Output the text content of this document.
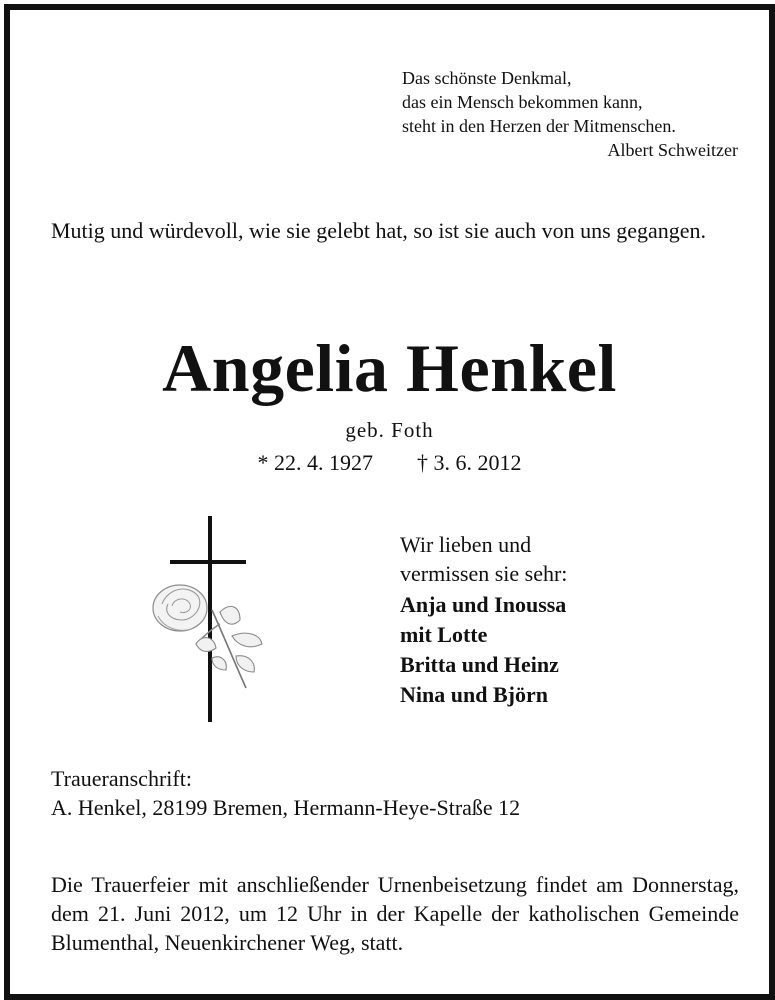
Das schönste Denkmal,
das ein Mensch bekommen kann,
steht in den Herzen der Mitmenschen.
Albert Schweitzer
Mutig und würdevoll, wie sie gelebt hat, so ist sie auch von uns gegangen.
Angelia Henkel
geb. Foth
* 22. 4. 1927 † 3. 6. 2012
Wir lieben und
vermissen sie sehr:
Anja und Inoussa
mit Lotte
Britta und Heinz
Nina und Björn
Traueranschrift:
A. Henkel, 28199 Bremen, Hermann-Heye-Straße 12
Die Trauerfeier mit anschließender Urnenbeisetzung findet am Donnerstag, dem 21. Juni 2012, um 12 Uhr in der Kapelle der katholischen Gemeinde Blumenthal, Neuenkirchener Weg, statt.
